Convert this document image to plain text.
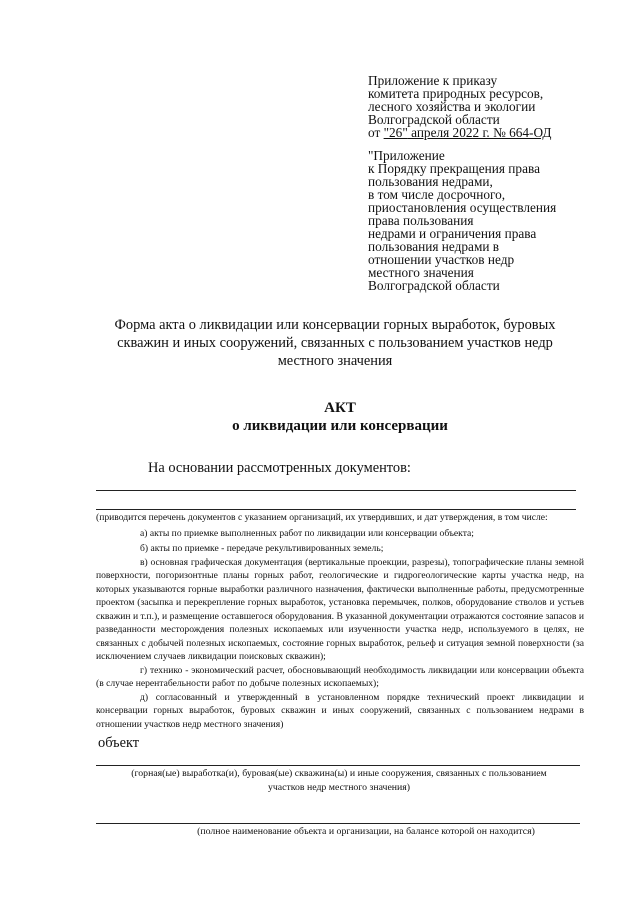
Приложение к приказу
комитета природных ресурсов,
лесного хозяйства и экологии
Волгоградской области
от "26" апреля 2022 г. № 664-ОД
"Приложение
к Порядку прекращения права
пользования недрами,
в том числе досрочного,
приостановления осуществления
права пользования
недрами и ограничения права
пользования недрами в
отношении участков недр
местного значения
Волгоградской области
Форма акта о ликвидации или консервации горных выработок, буровых
скважин и иных сооружений, связанных с пользованием участков недр
местного значения
АКТ
о ликвидации или консервации
На основании рассмотренных документов:

(приводится перечень документов с указанием организаций, их утвердивших, и дат утверждения, в том числе:

а) акты по приемке выполненных работ по ликвидации или консервации объекта;

б) акты по приемке - передаче рекультивированных земель;

в) основная графическая документация (вертикальные проекции, разрезы), топографические планы земной поверхности, погоризонтные планы горных работ, геологические и гидрогеологические карты участка недр, на которых указываются горные выработки различного назначения, фактически выполненные работы, предусмотренные проектом (засыпка и перекрепление горных выработок, установка перемычек, полков, оборудование стволов и устьев скважин и т.п.), и размещение оставшегося оборудования. В указанной документации отражаются состояние запасов и разведанности месторождения полезных ископаемых или изученности участка недр, используемого в целях, не связанных с добычей полезных ископаемых, состояние горных выработок, рельеф и ситуация земной поверхности (за исключением случаев ликвидации поисковых скважин);

г) технико - экономический расчет, обосновывающий необходимость ликвидации или консервации объекта (в случае нерентабельности работ по добыче полезных ископаемых);

д) согласованный и утвержденный в установленном порядке технический проект ликвидации и консервации горных выработок, буровых скважин и иных сооружений, связанных с пользованием недрами в отношении участков недр местного значения)

объект
(горная(ые) выработка(и), буровая(ые) скважина(ы) и иные сооружения, связанных с пользованием
участков недр местного значения)
(полное наименование объекта и организации, на балансе которой он находится)
